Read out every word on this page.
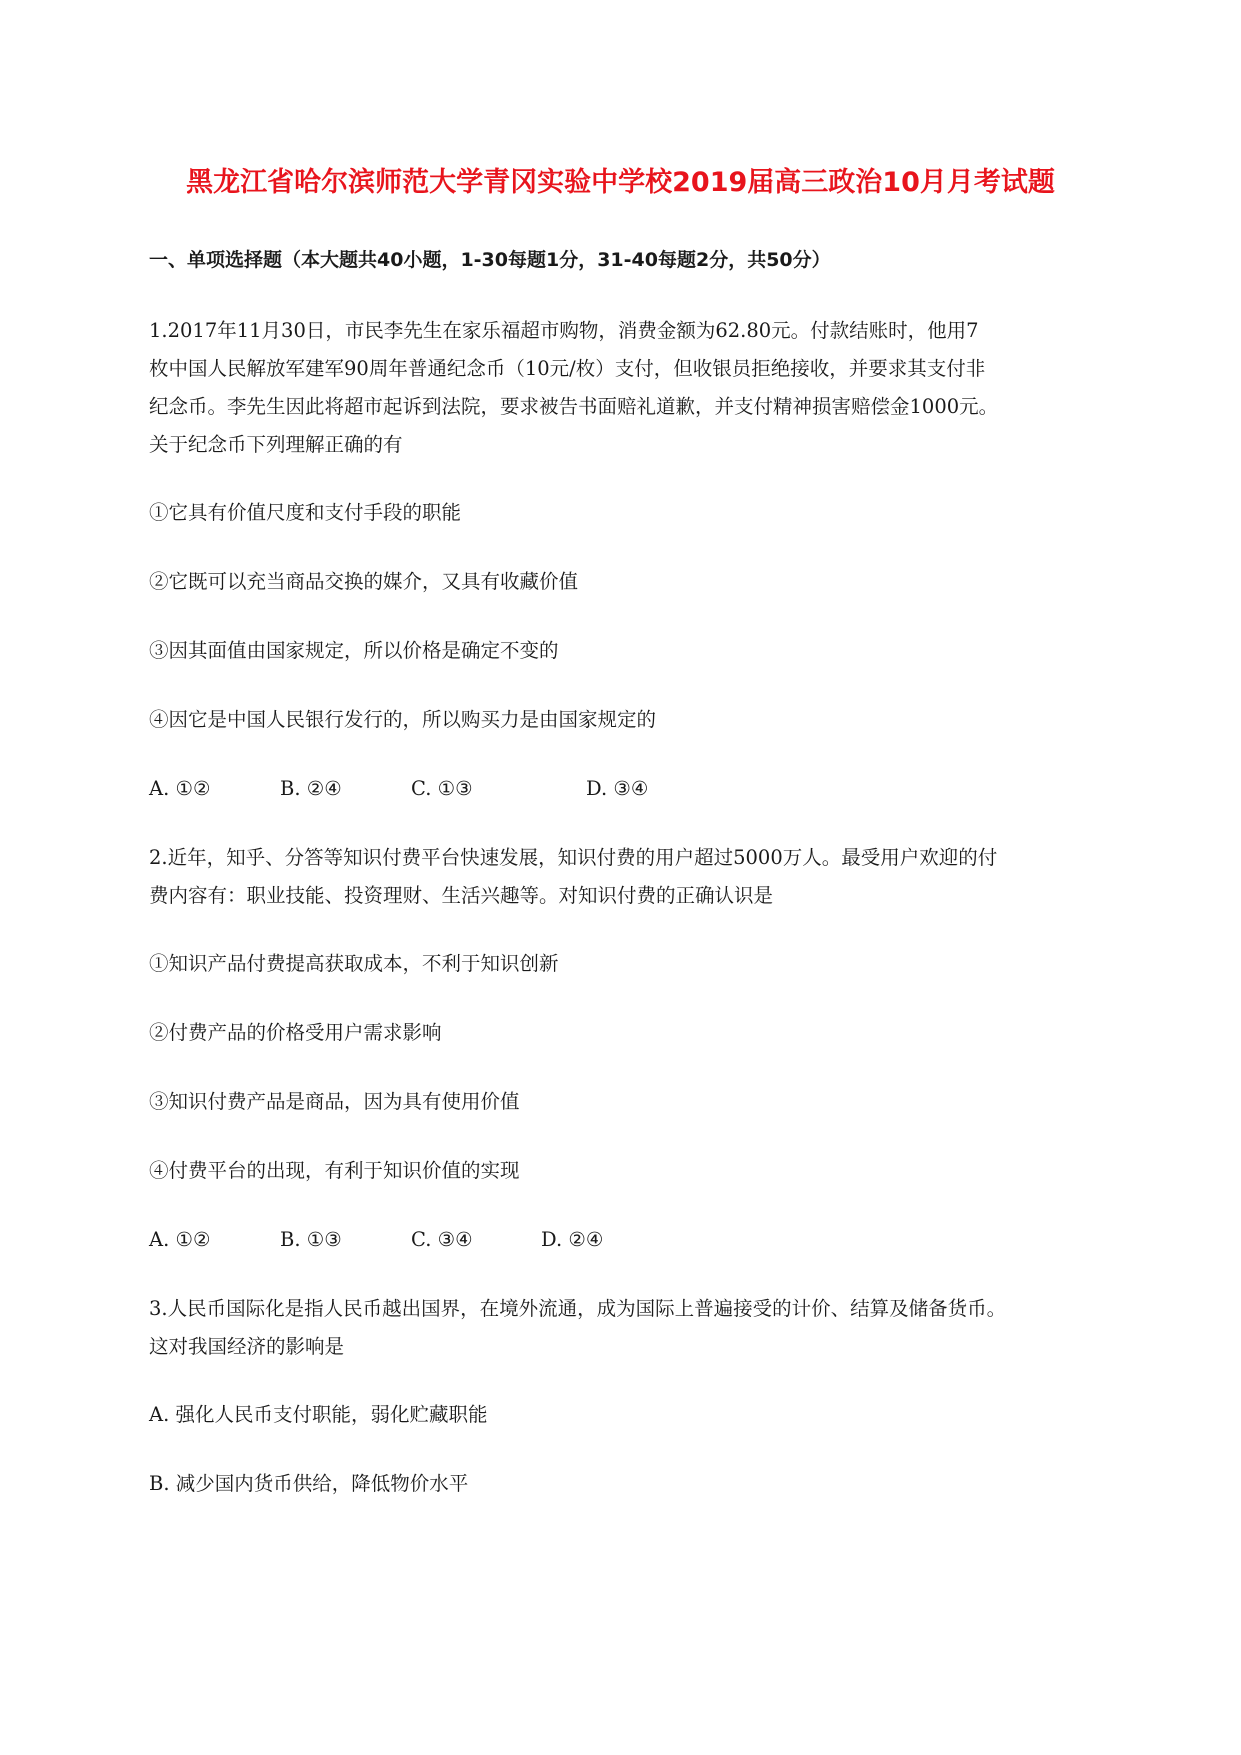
黑龙江省哈尔滨师范大学青冈实验中学校2019届高三政治10月月考试题
一、单项选择题（本大题共40小题，1-30每题1分，31-40每题2分，共50分）
1.2017年11月30日，市民李先生在家乐福超市购物，消费金额为62.80元。付款结账时，他用7
枚中国人民解放军建军90周年普通纪念币（10元/枚）支付，但收银员拒绝接收，并要求其支付非
纪念币。李先生因此将超市起诉到法院，要求被告书面赔礼道歉，并支付精神损害赔偿金1000元。
关于纪念币下列理解正确的有
①它具有价值尺度和支付手段的职能
②它既可以充当商品交换的媒介，又具有收藏价值
③因其面值由国家规定，所以价格是确定不变的
④因它是中国人民银行发行的，所以购买力是由国家规定的
A. ①②	B. ②④	C. ①③	D. ③④
2.近年，知乎、分答等知识付费平台快速发展，知识付费的用户超过5000万人。最受用户欢迎的付
费内容有：职业技能、投资理财、生活兴趣等。对知识付费的正确认识是
①知识产品付费提高获取成本，不利于知识创新
②付费产品的价格受用户需求影响
③知识付费产品是商品，因为具有使用价值
④付费平台的出现，有利于知识价值的实现
A. ①②	B. ①③	C. ③④	D. ②④
3.人民币国际化是指人民币越出国界，在境外流通，成为国际上普遍接受的计价、结算及储备货币。
这对我国经济的影响是
A. 强化人民币支付职能，弱化贮藏职能
B. 减少国内货币供给，降低物价水平
